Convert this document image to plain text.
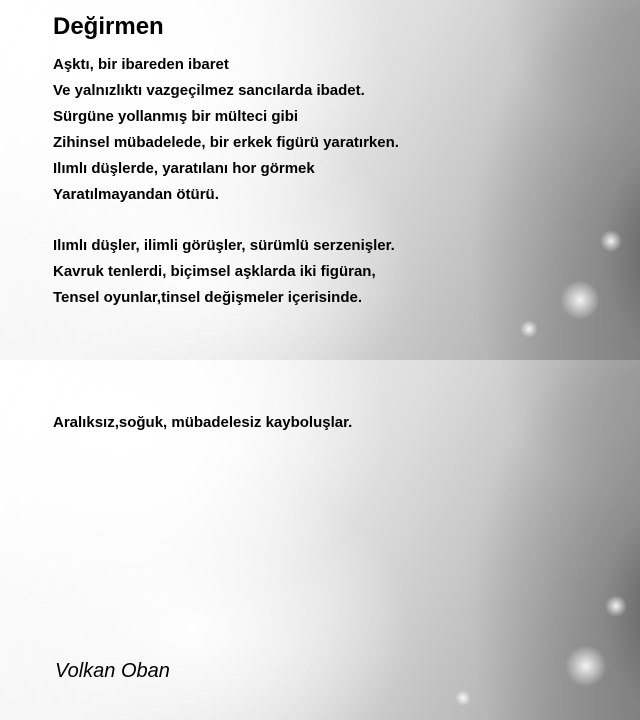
Değirmen
Aşktı, bir ibareden ibaret
Ve yalnızlıktı vazgeçilmez sancılarda ibadet.
Sürgüne yollanmış bir mülteci gibi
Zihinsel mübadelede, bir erkek figürü yaratırken.
Ilımlı düşlerde, yaratılanı hor görmek
Yaratılmayandan ötürü.
Ilımlı düşler, ilimli görüşler, sürümlü serzenişler.
Kavruk tenlerdi, biçimsel aşklarda iki figüran,
Tensel oyunlar,tinsel değişmeler içerisinde.
Aralıksız,soğuk, mübadelesiz kayboluşlar.
Volkan Oban
